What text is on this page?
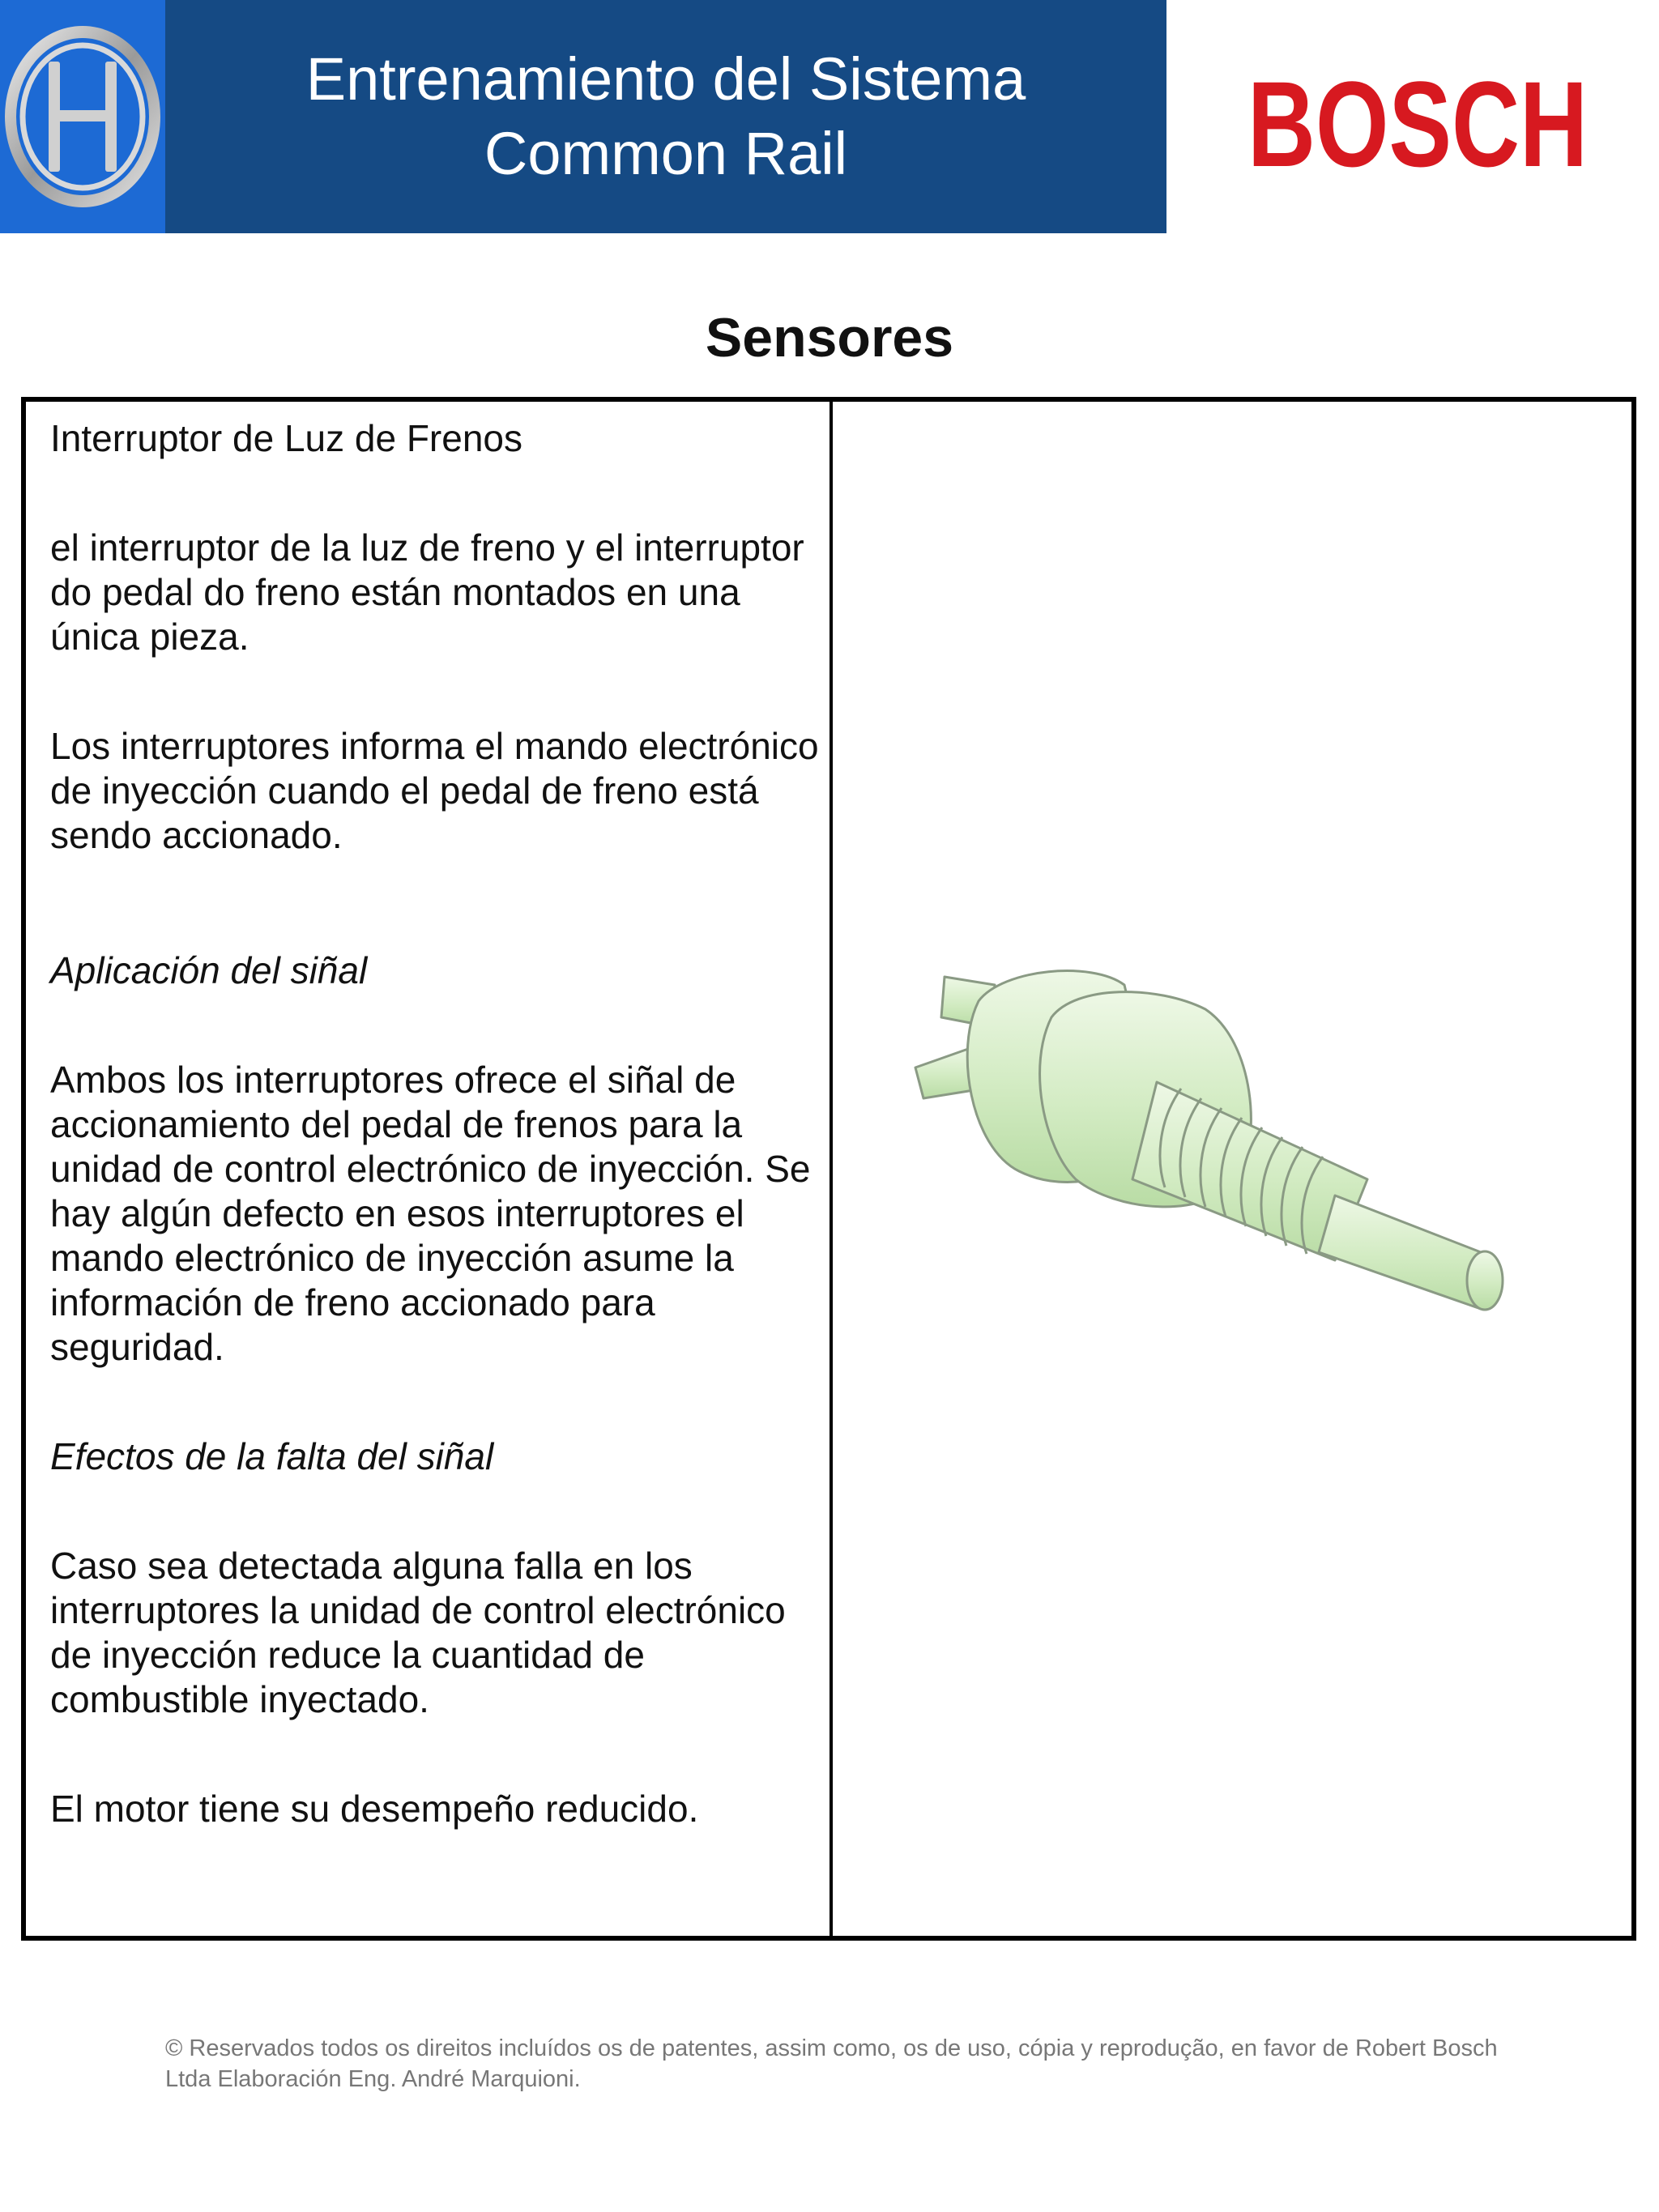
Entrenamiento del Sistema
Common Rail	BOSCH
Sensores

Interruptor de Luz de Frenos

el interruptor de la luz de freno y el interruptor do pedal do freno están montados en una única pieza.

Los interruptores informa el mando electrónico de inyección cuando el pedal de freno está sendo accionado.

Aplicación del siñal

Ambos los interruptores ofrece el siñal de accionamiento del pedal de frenos para la unidad de control electrónico de inyección. Se hay algún defecto en esos interruptores el mando electrónico de inyección asume la información de freno accionado para seguridad.

Efectos de la falta del siñal

Caso sea detectada alguna falla en los interruptores la unidad de control electrónico de inyección reduce la cuantidad de combustible inyectado.

El motor tiene su desempeño reducido.

© Reservados todos os direitos incluídos os de patentes, assim como, os de uso, cópia y reprodução, en favor de Robert Bosch Ltda Elaboración Eng. André Marquioni.
